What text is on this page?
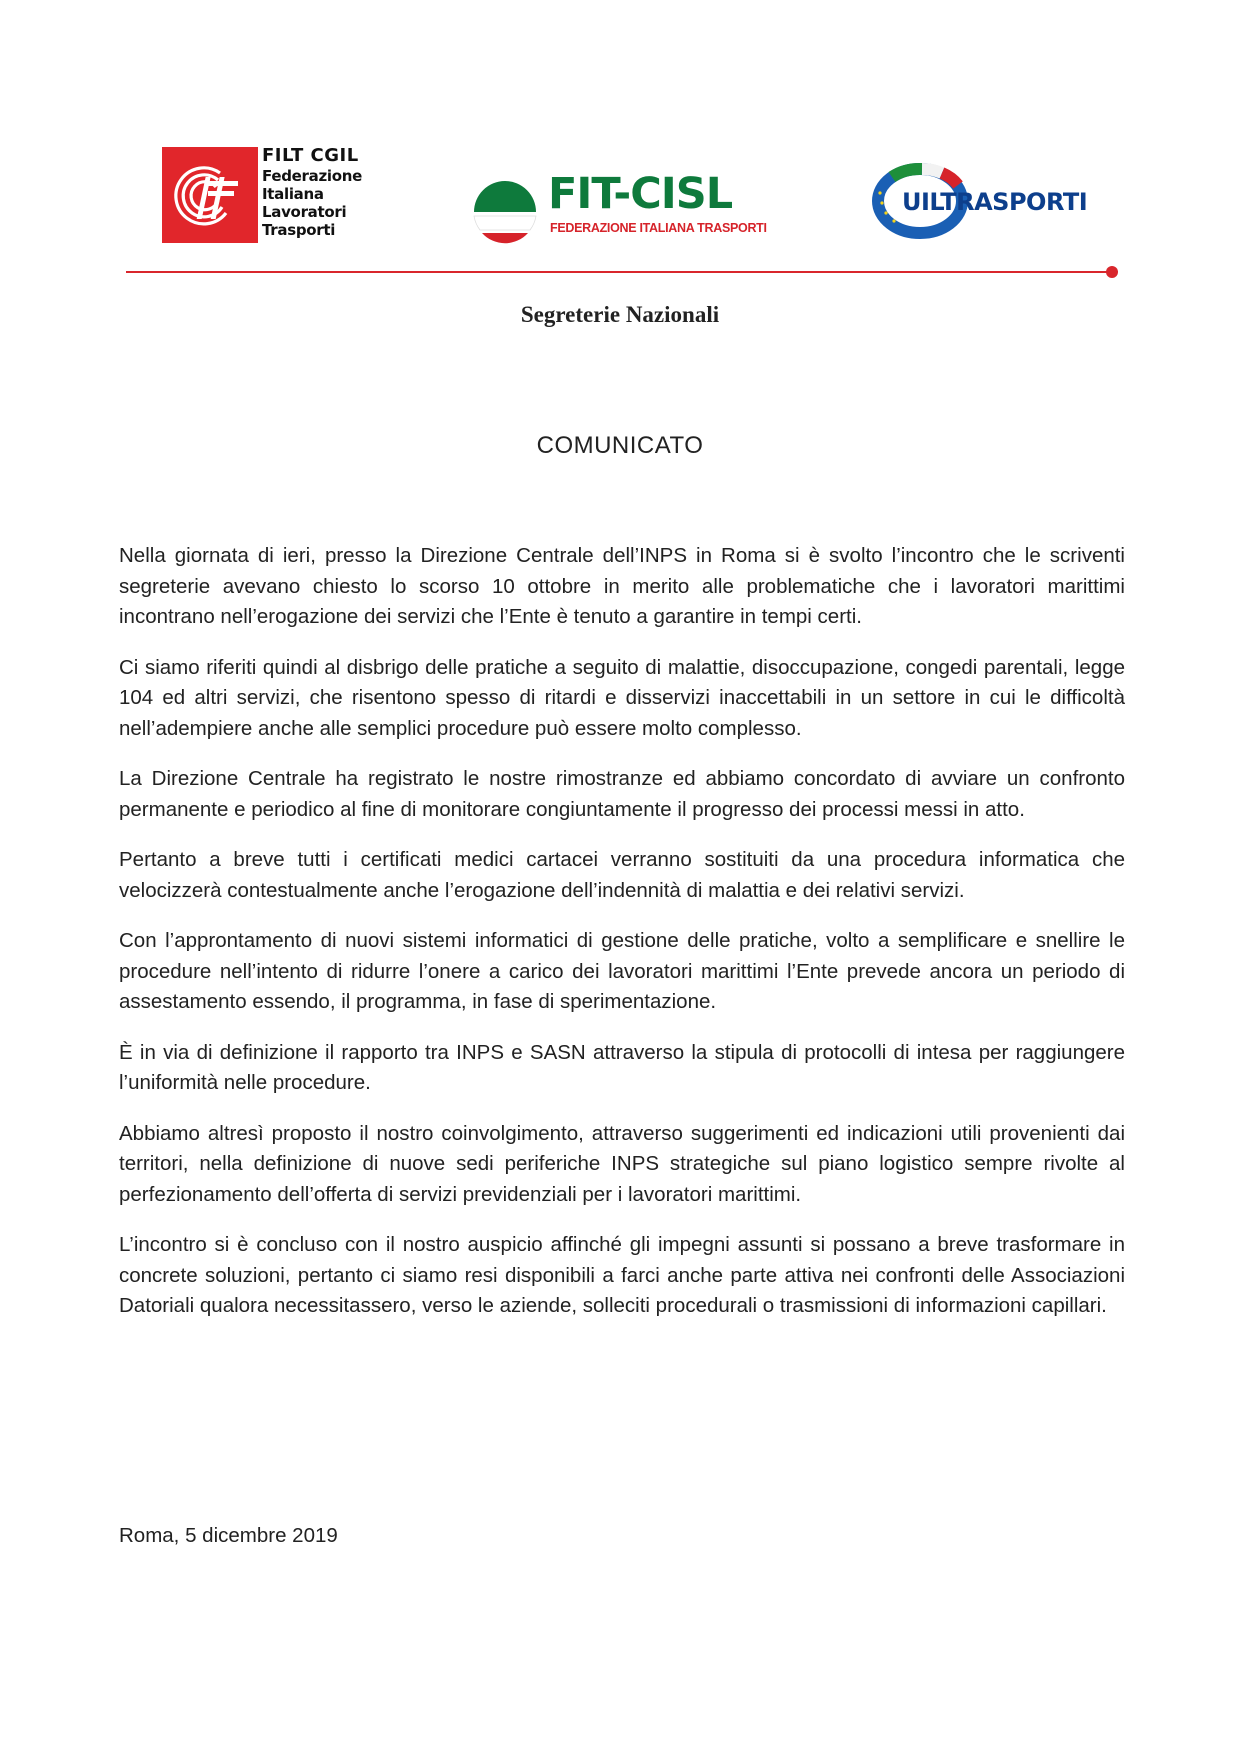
FILT CGIL
Federazione
Italiana
Lavoratori
Trasporti
FIT-CISL
FEDERAZIONE ITALIANA TRASPORTI
UILTRASPORTI
Segreterie Nazionali
COMUNICATO

Nella giornata di ieri, presso la Direzione Centrale dell’INPS in Roma si è svolto l’incontro che le scriventi segreterie avevano chiesto lo scorso 10 ottobre in merito alle problematiche che i lavoratori marittimi incontrano nell’erogazione dei servizi che l’Ente è tenuto a garantire in tempi certi.

Ci siamo riferiti quindi al disbrigo delle pratiche a seguito di malattie, disoccupazione, congedi parentali, legge 104 ed altri servizi, che risentono spesso di ritardi e disservizi inaccettabili in un settore in cui le difficoltà nell’adempiere anche alle semplici procedure può essere molto complesso.

La Direzione Centrale ha registrato le nostre rimostranze ed abbiamo concordato di avviare un confronto permanente e periodico al fine di monitorare congiuntamente il progresso dei processi messi in atto.

Pertanto a breve tutti i certificati medici cartacei verranno sostituiti da una procedura informatica che velocizzerà contestualmente anche l’erogazione dell’indennità di malattia e dei relativi servizi.

Con l’approntamento di nuovi sistemi informatici di gestione delle pratiche, volto a semplificare e snellire le procedure nell’intento di ridurre l’onere a carico dei lavoratori marittimi l’Ente prevede ancora un periodo di assestamento essendo, il programma, in fase di sperimentazione.

È in via di definizione il rapporto tra INPS e SASN attraverso la stipula di protocolli di intesa per raggiungere l’uniformità nelle procedure.

Abbiamo altresì proposto il nostro coinvolgimento, attraverso suggerimenti ed indicazioni utili provenienti dai territori, nella definizione di nuove sedi periferiche INPS strategiche sul piano logistico sempre rivolte al perfezionamento dell’offerta di servizi previdenziali per i lavoratori marittimi.

L’incontro si è concluso con il nostro auspicio affinché gli impegni assunti si possano a breve trasformare in concrete soluzioni, pertanto ci siamo resi disponibili a farci anche parte attiva nei confronti delle Associazioni Datoriali qualora necessitassero, verso le aziende, solleciti procedurali o trasmissioni di informazioni capillari.

Roma, 5 dicembre 2019
